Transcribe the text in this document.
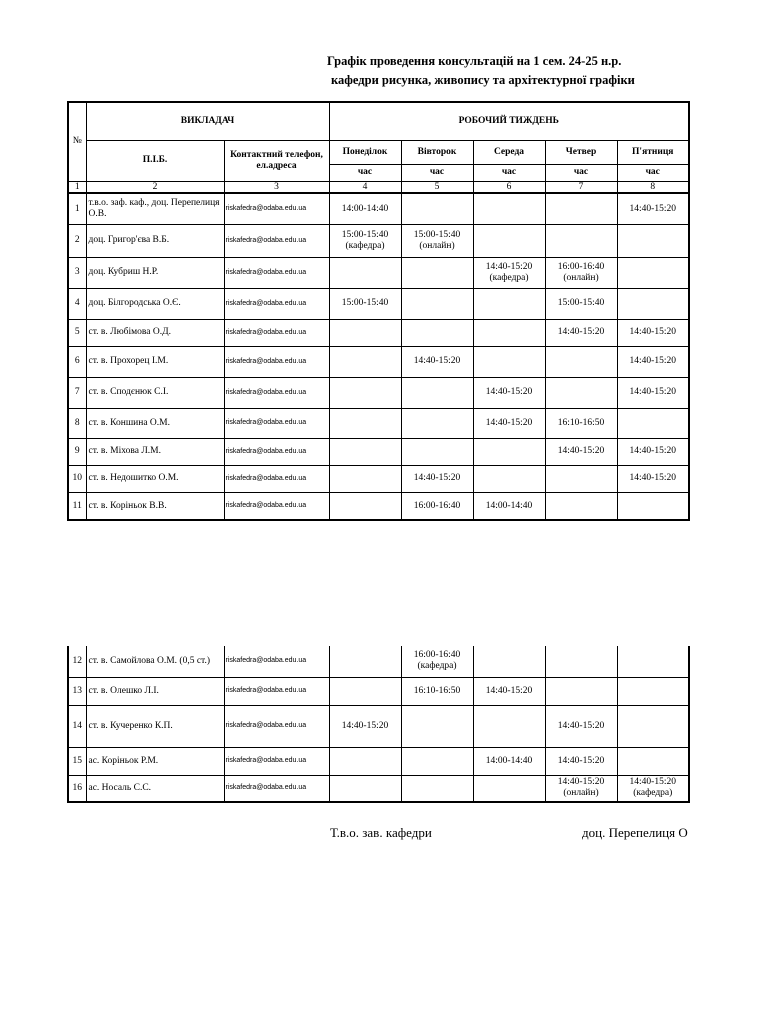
Графік проведення консультацій на 1 сем. 24-25 н.р.
кафедри рисунка, живопису та архітектурної графіки
№	ВИКЛАДАЧ		РОБОЧИЙ ТИЖДЕНЬ				
	П.І.Б.	Контактний телефон, ел.адреса	Понеділок	Вівторок	Середа	Четвер	П'ятниця
			час	час	час	час	час
1	2	3	4	5	6	7	8
1	т.в.о. заф. каф., доц. Перепелиця О.В.	riskafedra@odaba.edu.ua	14:00-14:40				14:40-15:20
2	доц. Григор'єва В.Б.	riskafedra@odaba.edu.ua	15:00-15:40 (кафедра)	15:00-15:40 (онлайн)			
3	доц. Кубриш Н.Р.	riskafedra@odaba.edu.ua			14:40-15:20 (кафедра)	16:00-16:40 (онлайн)	
4	доц. Білгородська О.Є.	riskafedra@odaba.edu.ua	15:00-15:40			15:00-15:40	
5	ст. в. Любімова О.Д.	riskafedra@odaba.edu.ua				14:40-15:20	14:40-15:20
6	ст. в. Прохорец І.М.	riskafedra@odaba.edu.ua		14:40-15:20			14:40-15:20
7	ст. в. Сподєнюк С.І.	riskafedra@odaba.edu.ua			14:40-15:20		14:40-15:20
8	ст. в. Коншина О.М.	riskafedra@odaba.edu.ua			14:40-15:20	16:10-16:50	
9	ст. в. Міхова Л.М.	riskafedra@odaba.edu.ua				14:40-15:20	14:40-15:20
10	ст. в. Недошитко О.М.	riskafedra@odaba.edu.ua		14:40-15:20			14:40-15:20
11	ст. в. Коріньок В.В.	riskafedra@odaba.edu.ua		16:00-16:40	14:00-14:40		
12	ст. в. Самойлова О.М. (0,5 ст.)	riskafedra@odaba.edu.ua		16:00-16:40 (кафедра)			
13	ст. в. Олешко Л.І.	riskafedra@odaba.edu.ua		16:10-16:50	14:40-15:20		
14	ст. в. Кучеренко К.П.	riskafedra@odaba.edu.ua	14:40-15:20			14:40-15:20	
15	ас. Коріньок Р.М.	riskafedra@odaba.edu.ua			14:00-14:40	14:40-15:20	
16	ас. Носаль С.С.	riskafedra@odaba.edu.ua				14:40-15:20 (онлайн)	14:40-15:20 (кафедра)
Т.в.о. зав. кафедри	доц. Перепелиця О
